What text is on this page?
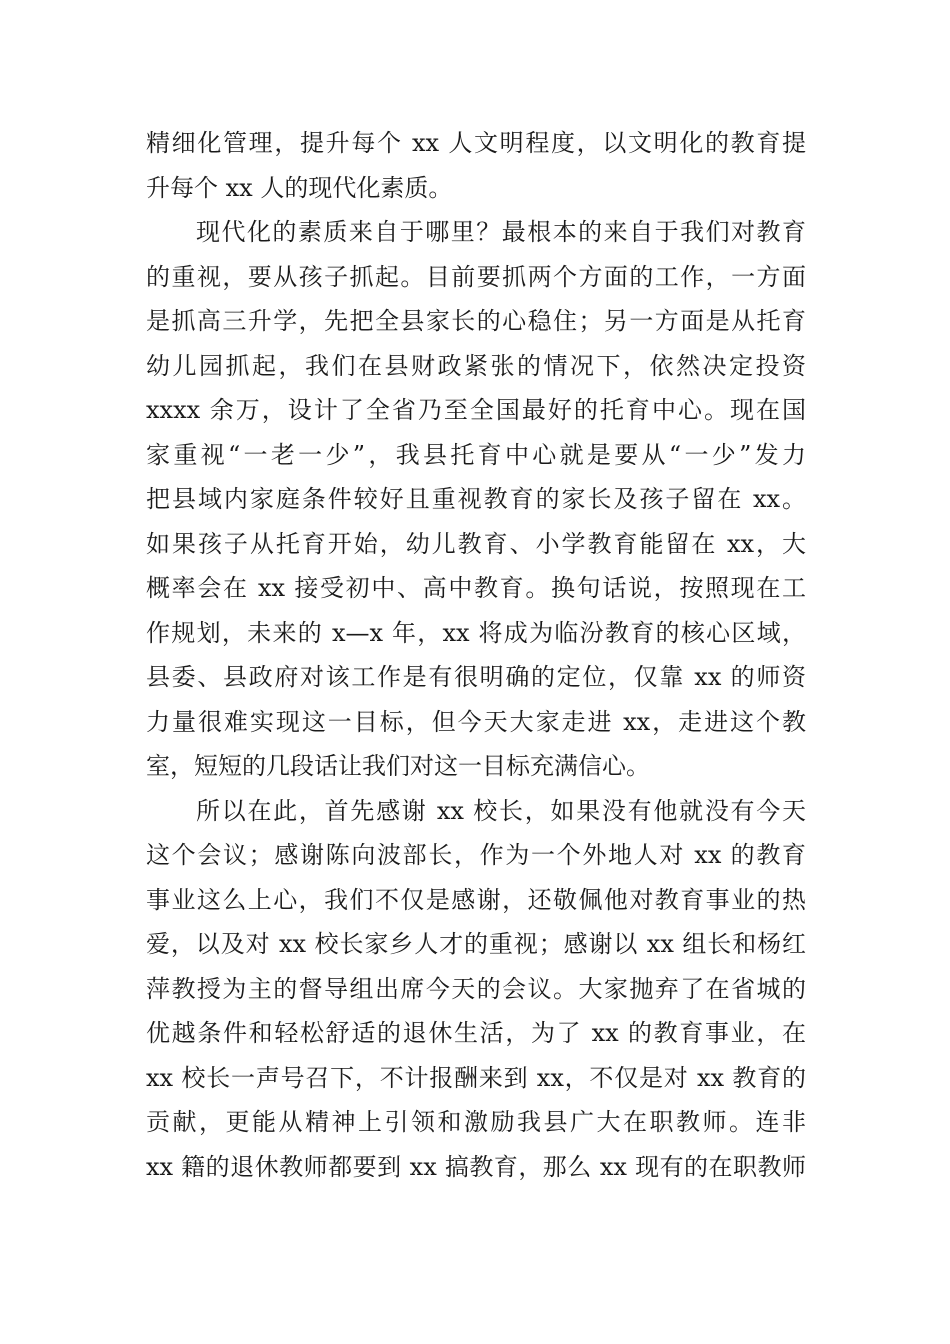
精细化管理，提升每个 xx 人文明程度，以文明化的教育提
升每个 xx 人的现代化素质。
现代化的素质来自于哪里？最根本的来自于我们对教育
的重视，要从孩子抓起。目前要抓两个方面的工作，一方面
是抓高三升学，先把全县家长的心稳住；另一方面是从托育
幼儿园抓起，我们在县财政紧张的情况下，依然决定投资
xxxx 余万，设计了全省乃至全国最好的托育中心。现在国
家重视“一老一少”，我县托育中心就是要从“一少”发力
把县域内家庭条件较好且重视教育的家长及孩子留在 xx。
如果孩子从托育开始，幼儿教育、小学教育能留在 xx，大
概率会在 xx 接受初中、高中教育。换句话说，按照现在工
作规划，未来的 x—x 年，xx 将成为临汾教育的核心区域，
县委、县政府对该工作是有很明确的定位，仅靠 xx 的师资
力量很难实现这一目标，但今天大家走进 xx，走进这个教
室，短短的几段话让我们对这一目标充满信心。
所以在此，首先感谢 xx 校长，如果没有他就没有今天
这个会议；感谢陈向波部长，作为一个外地人对 xx 的教育
事业这么上心，我们不仅是感谢，还敬佩他对教育事业的热
爱，以及对 xx 校长家乡人才的重视；感谢以 xx 组长和杨红
萍教授为主的督导组出席今天的会议。大家抛弃了在省城的
优越条件和轻松舒适的退休生活，为了 xx 的教育事业，在
xx 校长一声号召下，不计报酬来到 xx，不仅是对 xx 教育的
贡献，更能从精神上引领和激励我县广大在职教师。连非
xx 籍的退休教师都要到 xx 搞教育，那么 xx 现有的在职教师
